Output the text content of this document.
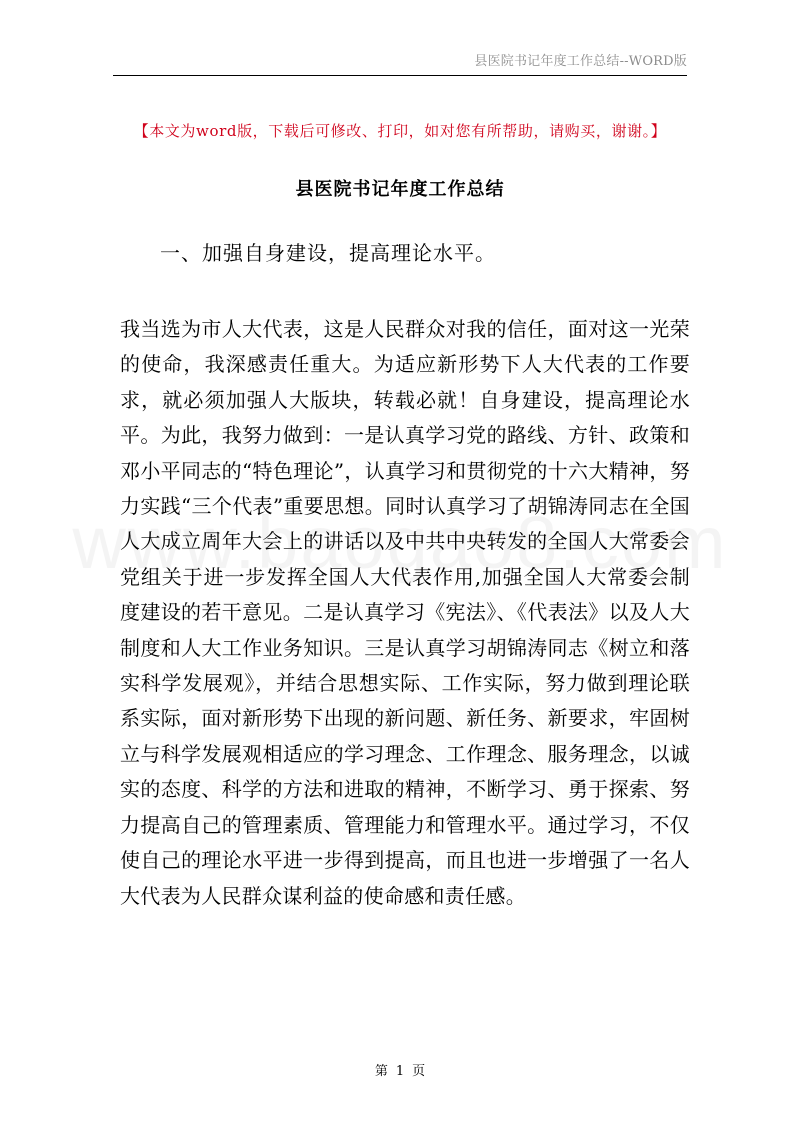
县医院书记年度工作总结--WORD版
【本文为word版，下载后可修改、打印，如对您有所帮助，请购买，谢谢。】
县医院书记年度工作总结
一、加强自身建设，提高理论水平。

我当选为市人大代表，这是人民群众对我的信任，面对这一光荣的使命，我深感责任重大。为适应新形势下人大代表的工作要求，就必须加强人大版块，转载必就！自身建设，提高理论水平。为此，我努力做到：一是认真学习党的路线、方针、政策和邓小平同志的“特色理论”，认真学习和贯彻党的十六大精神，努力实践“三个代表”重要思想。同时认真学习了胡锦涛同志在全国人大成立周年大会上的讲话以及中共中央转发的全国人大常委会党组关于进一步发挥全国人大代表作用,加强全国人大常委会制度建设的若干意见。二是认真学习《宪法》、《代表法》以及人大制度和人大工作业务知识。三是认真学习胡锦涛同志《树立和落实科学发展观》，并结合思想实际、工作实际，努力做到理论联系实际，面对新形势下出现的新问题、新任务、新要求，牢固树立与科学发展观相适应的学习理念、工作理念、服务理念，以诚实的态度、科学的方法和进取的精神，不断学习、勇于探索、努力提高自己的管理素质、管理能力和管理水平。通过学习，不仅使自己的理论水平进一步得到提高，而且也进一步增强了一名人大代表为人民群众谋利益的使命感和责任感。

第 1 页
